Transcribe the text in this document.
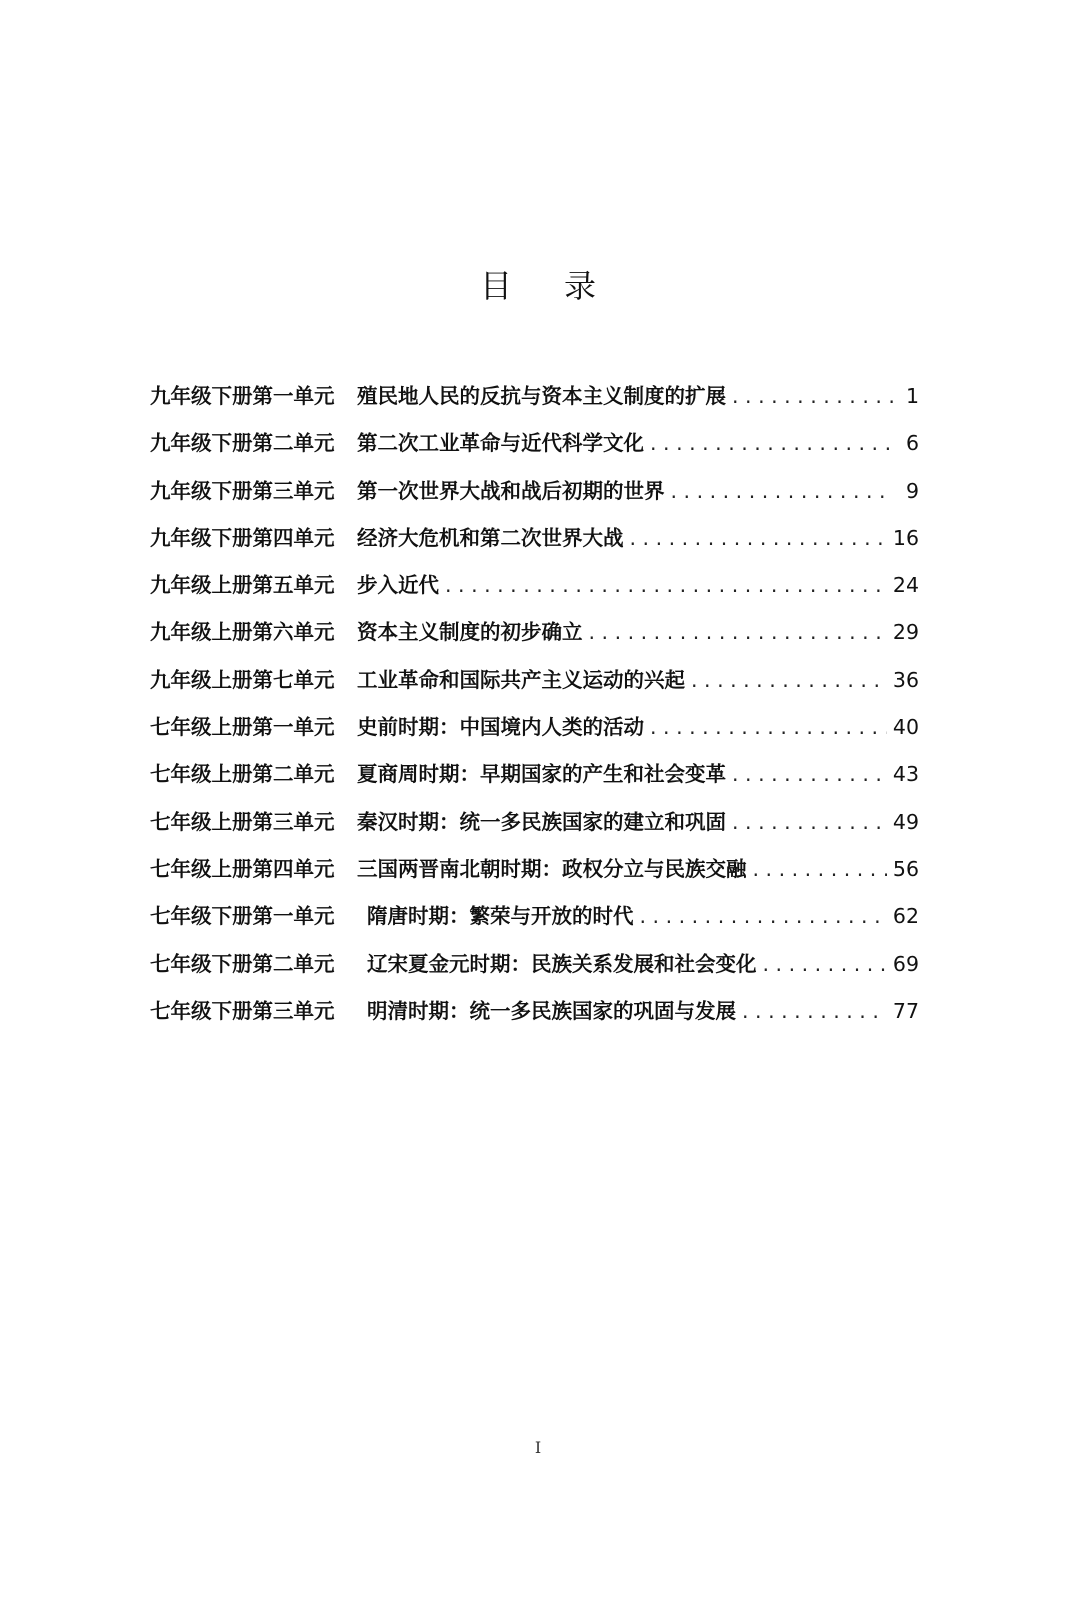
目 录
九年级下册第一单元	殖民地人民的反抗与资本主义制度的扩展 . . .	1
九年级下册第二单元	第二次工业革命与近代科学文化 . . .	6
九年级下册第三单元	第一次世界大战和战后初期的世界 . . .	9
九年级下册第四单元	经济大危机和第二次世界大战 . . .	16
九年级上册第五单元	步入近代 . . .	24
九年级上册第六单元	资本主义制度的初步确立 . . .	29
九年级上册第七单元	工业革命和国际共产主义运动的兴起 . . .	36
七年级上册第一单元	史前时期：中国境内人类的活动 . . .	40
七年级上册第二单元	夏商周时期：早期国家的产生和社会变革 . . .	43
七年级上册第三单元	秦汉时期：统一多民族国家的建立和巩固 . . .	49
七年级上册第四单元	三国两晋南北朝时期：政权分立与民族交融 . . .	56
七年级下册第一单元	隋唐时期：繁荣与开放的时代 . . .	62
七年级下册第二单元	辽宋夏金元时期：民族关系发展和社会变化 . . .	69
七年级下册第三单元	明清时期：统一多民族国家的巩固与发展 . . .	77
I
